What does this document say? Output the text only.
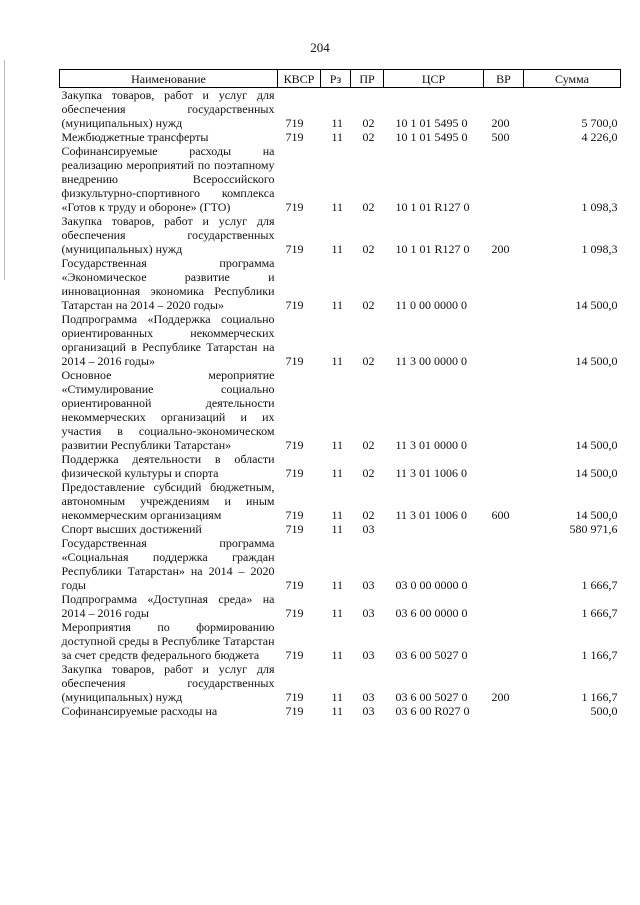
204
Наименование	КВСР	Рз	ПР	ЦСР	ВР	Сумма
Закупка товаров, работ и услуг для обеспечения государственных (муниципальных) нужд	719	11	02	10 1 01 5495 0	200	5 700,0
Межбюджетные трансферты	719	11	02	10 1 01 5495 0	500	4 226,0
Софинансируемые расходы на реализацию мероприятий по поэтапному внедрению Всероссийского физкультурно-спортивного комплекса «Готов к труду и обороне» (ГТО)	719	11	02	10 1 01 R127 0		1 098,3
Закупка товаров, работ и услуг для обеспечения государственных (муниципальных) нужд	719	11	02	10 1 01 R127 0	200	1 098,3
Государственная программа «Экономическое развитие и инновационная экономика Республики Татарстан на 2014 – 2020 годы»	719	11	02	11 0 00 0000 0		14 500,0
Подпрограмма «Поддержка социально ориентированных некоммерческих организаций в Республике Татарстан на 2014 – 2016 годы»	719	11	02	11 3 00 0000 0		14 500,0
Основное мероприятие «Стимулирование социально ориентированной деятельности некоммерческих организаций и их участия в социально-экономическом развитии Республики Татарстан»	719	11	02	11 3 01 0000 0		14 500,0
Поддержка деятельности в области физической культуры и спорта	719	11	02	11 3 01 1006 0		14 500,0
Предоставление субсидий бюджетным, автономным учреждениям и иным некоммерческим организациям	719	11	02	11 3 01 1006 0	600	14 500,0
Спорт высших достижений	719	11	03			580 971,6
Государственная программа «Социальная поддержка граждан Республики Татарстан» на 2014 – 2020 годы	719	11	03	03 0 00 0000 0		1 666,7
Подпрограмма «Доступная среда» на 2014 – 2016 годы	719	11	03	03 6 00 0000 0		1 666,7
Мероприятия по формированию доступной среды в Республике Татарстан за счет средств федерального бюджета	719	11	03	03 6 00 5027 0		1 166,7
Закупка товаров, работ и услуг для обеспечения государственных (муниципальных) нужд	719	11	03	03 6 00 5027 0	200	1 166,7
Софинансируемые расходы на	719	11	03	03 6 00 R027 0		500,0
